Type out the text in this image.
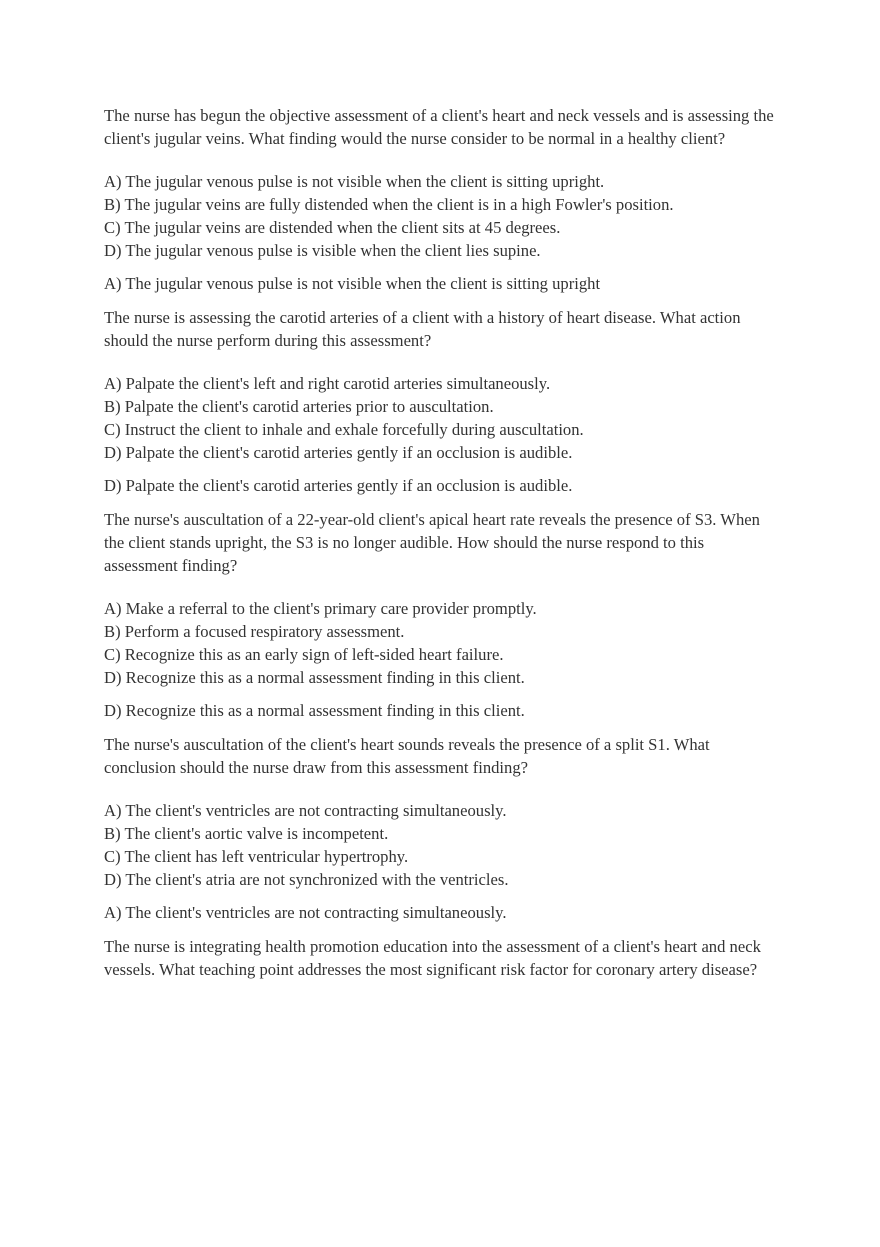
The nurse has begun the objective assessment of a client's heart and neck vessels and is assessing the client's jugular veins. What finding would the nurse consider to be normal in a healthy client?

A) The jugular venous pulse is not visible when the client is sitting upright.
B) The jugular veins are fully distended when the client is in a high Fowler's position.
C) The jugular veins are distended when the client sits at 45 degrees.
D) The jugular venous pulse is visible when the client lies supine.

A) The jugular venous pulse is not visible when the client is sitting upright

The nurse is assessing the carotid arteries of a client with a history of heart disease. What action should the nurse perform during this assessment?

A) Palpate the client's left and right carotid arteries simultaneously.
B) Palpate the client's carotid arteries prior to auscultation.
C) Instruct the client to inhale and exhale forcefully during auscultation.
D) Palpate the client's carotid arteries gently if an occlusion is audible.

D) Palpate the client's carotid arteries gently if an occlusion is audible.

The nurse's auscultation of a 22-year-old client's apical heart rate reveals the presence of S3. When the client stands upright, the S3 is no longer audible. How should the nurse respond to this assessment finding?

A) Make a referral to the client's primary care provider promptly.
B) Perform a focused respiratory assessment.
C) Recognize this as an early sign of left-sided heart failure.
D) Recognize this as a normal assessment finding in this client.

D) Recognize this as a normal assessment finding in this client.

The nurse's auscultation of the client's heart sounds reveals the presence of a split S1. What conclusion should the nurse draw from this assessment finding?

A) The client's ventricles are not contracting simultaneously.
B) The client's aortic valve is incompetent.
C) The client has left ventricular hypertrophy.
D) The client's atria are not synchronized with the ventricles.

A) The client's ventricles are not contracting simultaneously.

The nurse is integrating health promotion education into the assessment of a client's heart and neck vessels. What teaching point addresses the most significant risk factor for coronary artery disease?
